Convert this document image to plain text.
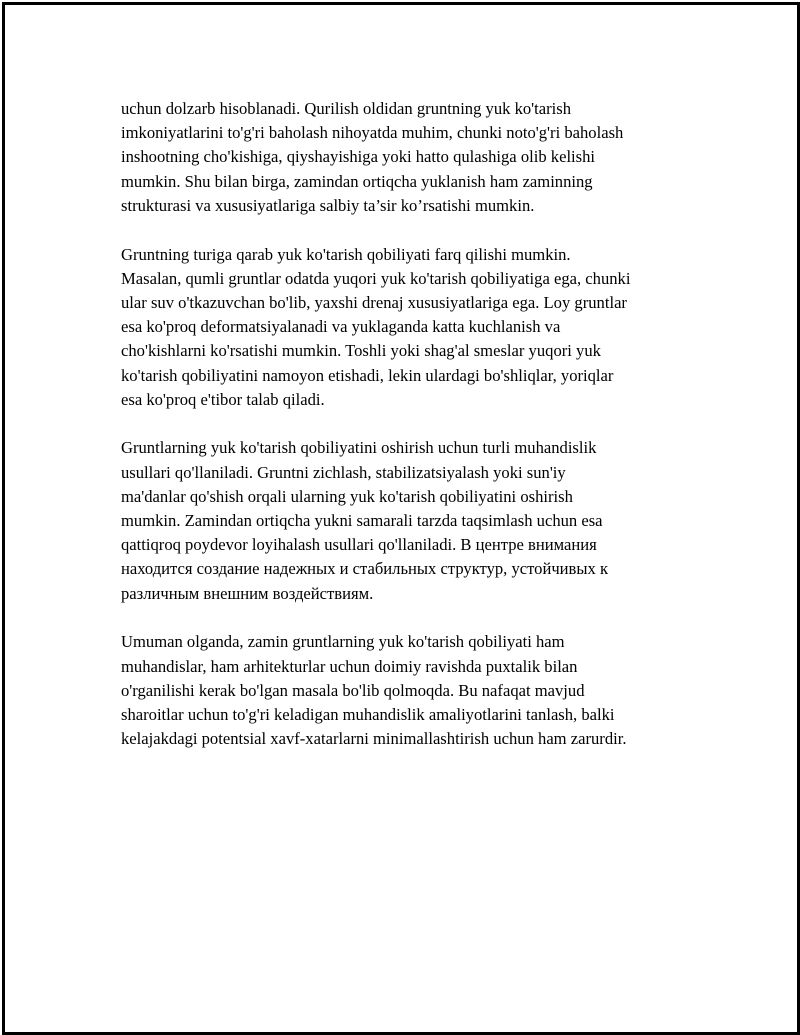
uchun dolzarb hisoblanadi. Qurilish oldidan gruntning yuk ko'tarish
imkoniyatlarini to'g'ri baholash nihoyatda muhim, chunki noto'g'ri baholash
inshootning cho'kishiga, qiyshayishiga yoki hatto qulashiga olib kelishi
mumkin. Shu bilan birga, zamindan ortiqcha yuklanish ham zaminning
strukturasi va xususiyatlariga salbiy ta’sir ko’rsatishi mumkin.

Gruntning turiga qarab yuk ko'tarish qobiliyati farq qilishi mumkin.
Masalan, qumli gruntlar odatda yuqori yuk ko'tarish qobiliyatiga ega, chunki
ular suv o'tkazuvchan bo'lib, yaxshi drenaj xususiyatlariga ega. Loy gruntlar
esa ko'proq deformatsiyalanadi va yuklaganda katta kuchlanish va
cho'kishlarni ko'rsatishi mumkin. Toshli yoki shag'al smeslar yuqori yuk
ko'tarish qobiliyatini namoyon etishadi, lekin ulardagi bo'shliqlar, yoriqlar
esa ko'proq e'tibor talab qiladi.

Gruntlarning yuk ko'tarish qobiliyatini oshirish uchun turli muhandislik
usullari qo'llaniladi. Gruntni zichlash, stabilizatsiyalash yoki sun'iy
ma'danlar qo'shish orqali ularning yuk ko'tarish qobiliyatini oshirish
mumkin. Zamindan ortiqcha yukni samarali tarzda taqsimlash uchun esa
qattiqroq poydevor loyihalash usullari qo'llaniladi. В центре внимания
находится создание надежных и стабильных структур, устойчивых к
различным внешним воздействиям.

Umuman olganda, zamin gruntlarning yuk ko'tarish qobiliyati ham
muhandislar, ham arhitekturlar uchun doimiy ravishda puxtalik bilan
o'rganilishi kerak bo'lgan masala bo'lib qolmoqda. Bu nafaqat mavjud
sharoitlar uchun to'g'ri keladigan muhandislik amaliyotlarini tanlash, balki
kelajakdagi potentsial xavf-xatarlarni minimallashtirish uchun ham zarurdir.
